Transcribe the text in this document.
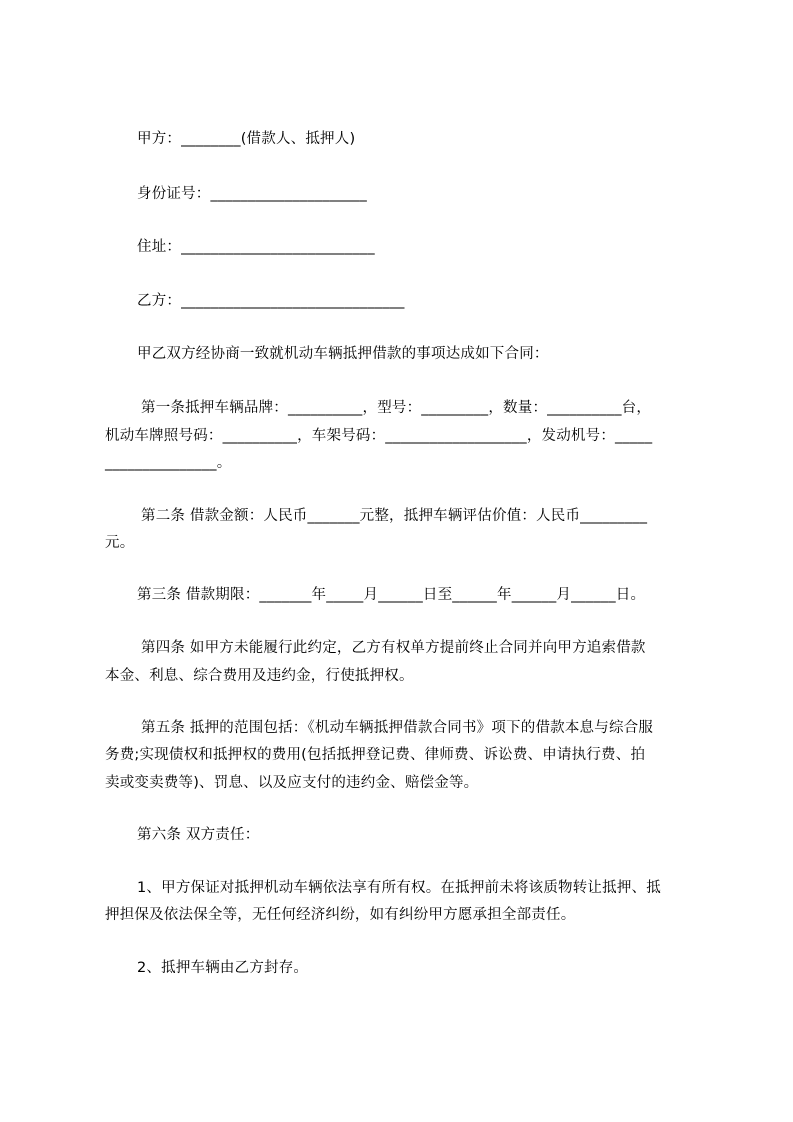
甲方：________(借款人、抵押人)
身份证号：_____________________
住址：__________________________
乙方：______________________________
甲乙双方经协商一致就机动车辆抵押借款的事项达成如下合同：
第一条抵押车辆品牌：__________，型号：_________，数量：__________台，
机动车牌照号码：__________，车架号码：___________________，发动机号：_____
_______________。
第二条 借款金额：人民币_______元整，抵押车辆评估价值：人民币_________
元。
第三条 借款期限：_______年_____月______日至______年______月______日。
第四条 如甲方未能履行此约定，乙方有权单方提前终止合同并向甲方追索借款
本金、利息、综合费用及违约金，行使抵押权。
第五条 抵押的范围包括：《机动车辆抵押借款合同书》项下的借款本息与综合服
务费;实现债权和抵押权的费用(包括抵押登记费、律师费、诉讼费、申请执行费、拍
卖或变卖费等)、罚息、以及应支付的违约金、赔偿金等。
第六条 双方责任：
1、甲方保证对抵押机动车辆依法享有所有权。在抵押前未将该质物转让抵押、抵
押担保及依法保全等，无任何经济纠纷，如有纠纷甲方愿承担全部责任。
2、抵押车辆由乙方封存。
